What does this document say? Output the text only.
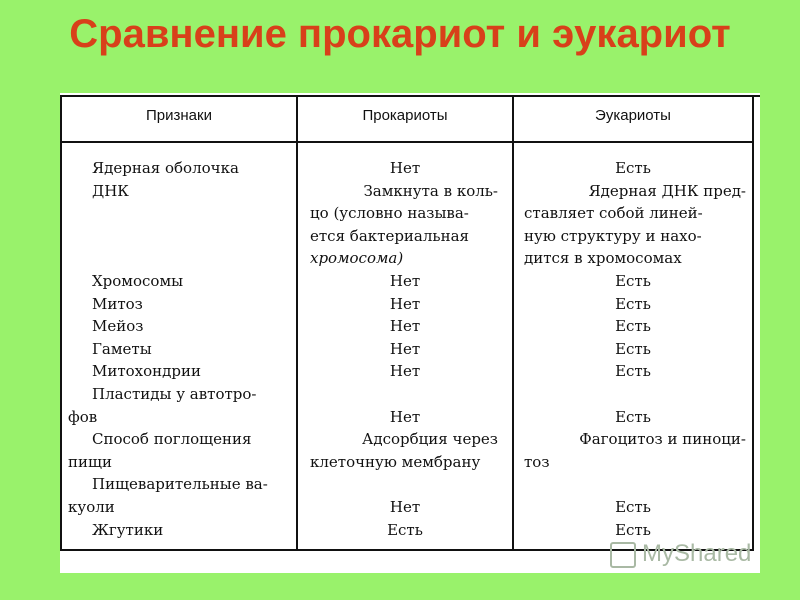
Сравнение прокариот и эукариот
Признаки	Прокариоты	Эукариоты
Ядерная оболочка
ДНК
Хромосомы
Митоз
Мейоз
Гаметы
Митохондрии
Пластиды у автотро-
фов
Способ поглощения
пищи
Пищеварительные ва-
куоли
Жгутики
Нет
Замкнута в коль-
цо (условно называ-
ется бактериальная
хромосома)
Нет
Нет
Нет
Нет
Нет
Нет
Адсорбция через
клеточную мембрану
Нет
Есть
Есть
Ядерная ДНК пред-
ставляет собой линей-
ную структуру и нахо-
дится в хромосомах
Есть
Есть
Есть
Есть
Есть
Есть
Фагоцитоз и пиноци-
тоз
Есть
Есть
MyShared
